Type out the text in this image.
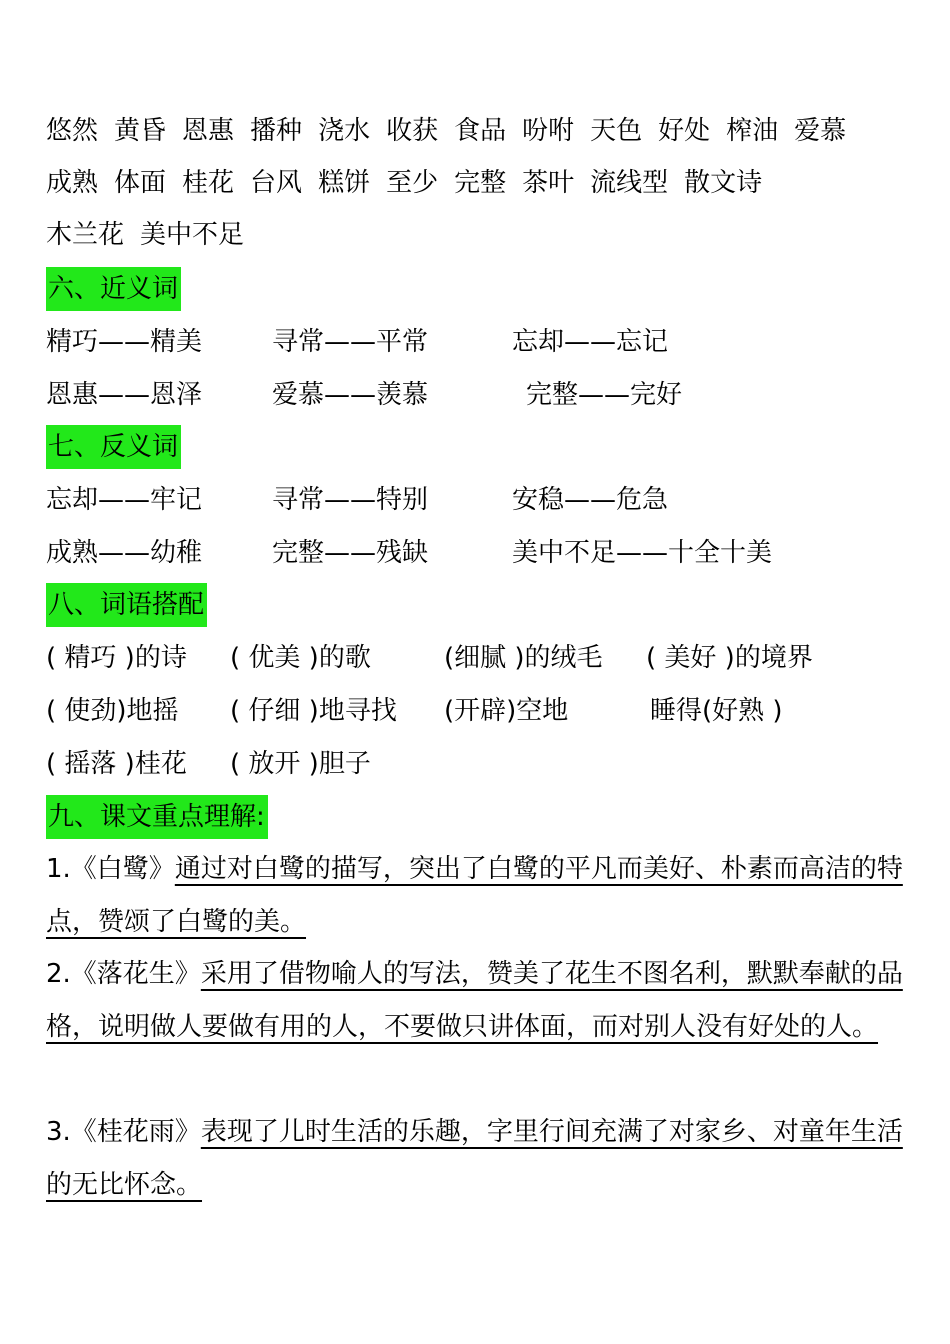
悠然 黄昏 恩惠 播种 浇水 收获 食品 吩咐 天色 好处 榨油 爱慕
成熟 体面 桂花 台风 糕饼 至少 完整 茶叶 流线型 散文诗
木兰花 美中不足
六、近义词
精巧——精美	寻常——平常	忘却——忘记
恩惠——恩泽	爱慕——羡慕	完整——完好
七、反义词
忘却——牢记	寻常——特别	安稳——危急
成熟——幼稚	完整——残缺	美中不足——十全十美
八、词语搭配
( 精巧 )的诗 ( 优美 )的歌	(细腻 )的绒毛 ( 美好 )的境界
( 使劲)地摇 ( 仔细 )地寻找 (开辟)空地	睡得(好熟 )
( 摇落 )桂花 ( 放开 )胆子
九、课文重点理解:
1.《白鹭》通过对白鹭的描写，突出了白鹭的平凡而美好、朴素而高洁的特点，赞颂了白鹭的美。
2.《落花生》采用了借物喻人的写法，赞美了花生不图名利，默默奉献的品格，说明做人要做有用的人，不要做只讲体面，而对别人没有好处的人。
3.《桂花雨》表现了儿时生活的乐趣，字里行间充满了对家乡、对童年生活的无比怀念。
